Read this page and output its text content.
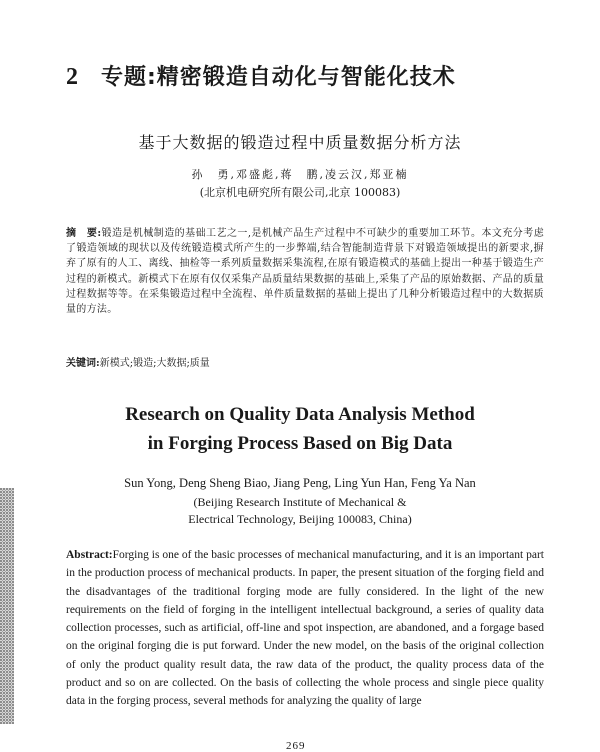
2 专题:精密锻造自动化与智能化技术
基于大数据的锻造过程中质量数据分析方法
孙　勇,邓盛彪,蒋　鹏,凌云汉,郑亚楠
(北京机电研究所有限公司,北京 100083)
摘　要:锻造是机械制造的基础工艺之一,是机械产品生产过程中不可缺少的重要加工环节。本文充分考虑了锻造领域的现状以及传统锻造模式所产生的一步弊端,结合智能制造背景下对锻造领域提出的新要求,摒弃了原有的人工、离线、抽检等一系列质量数据采集流程,在原有锻造模式的基础上提出一种基于锻造生产过程的新模式。新模式下在原有仅仅采集产品质量结果数据的基础上,采集了产品的原始数据、产品的质量过程数据等等。在采集锻造过程中全流程、单件质量数据的基础上提出了几种分析锻造过程中的大数据质量的方法。
关键词:新模式;锻造;大数据;质量
Research on Quality Data Analysis Method
in Forging Process Based on Big Data
Sun Yong, Deng Sheng Biao, Jiang Peng, Ling Yun Han, Feng Ya Nan
(Beijing Research Institute of Mechanical &
Electrical Technology, Beijing 100083, China)
Abstract:Forging is one of the basic processes of mechanical manufacturing, and it is an important part in the production process of mechanical products. In paper, the present situation of the forging field and the disadvantages of the traditional forging mode are fully considered. In the light of the new requirements on the field of forging in the intelligent intellectual background, a series of quality data collection processes, such as artificial, off-line and spot inspection, are abandoned, and a forgage based on the original forging die is put forward. Under the new model, on the basis of the original collection of only the product quality result data, the raw data of the product, the quality process data of the product and so on are collected. On the basis of collecting the whole process and single piece quality data in the forging process, several methods for analyzing the quality of large
269
